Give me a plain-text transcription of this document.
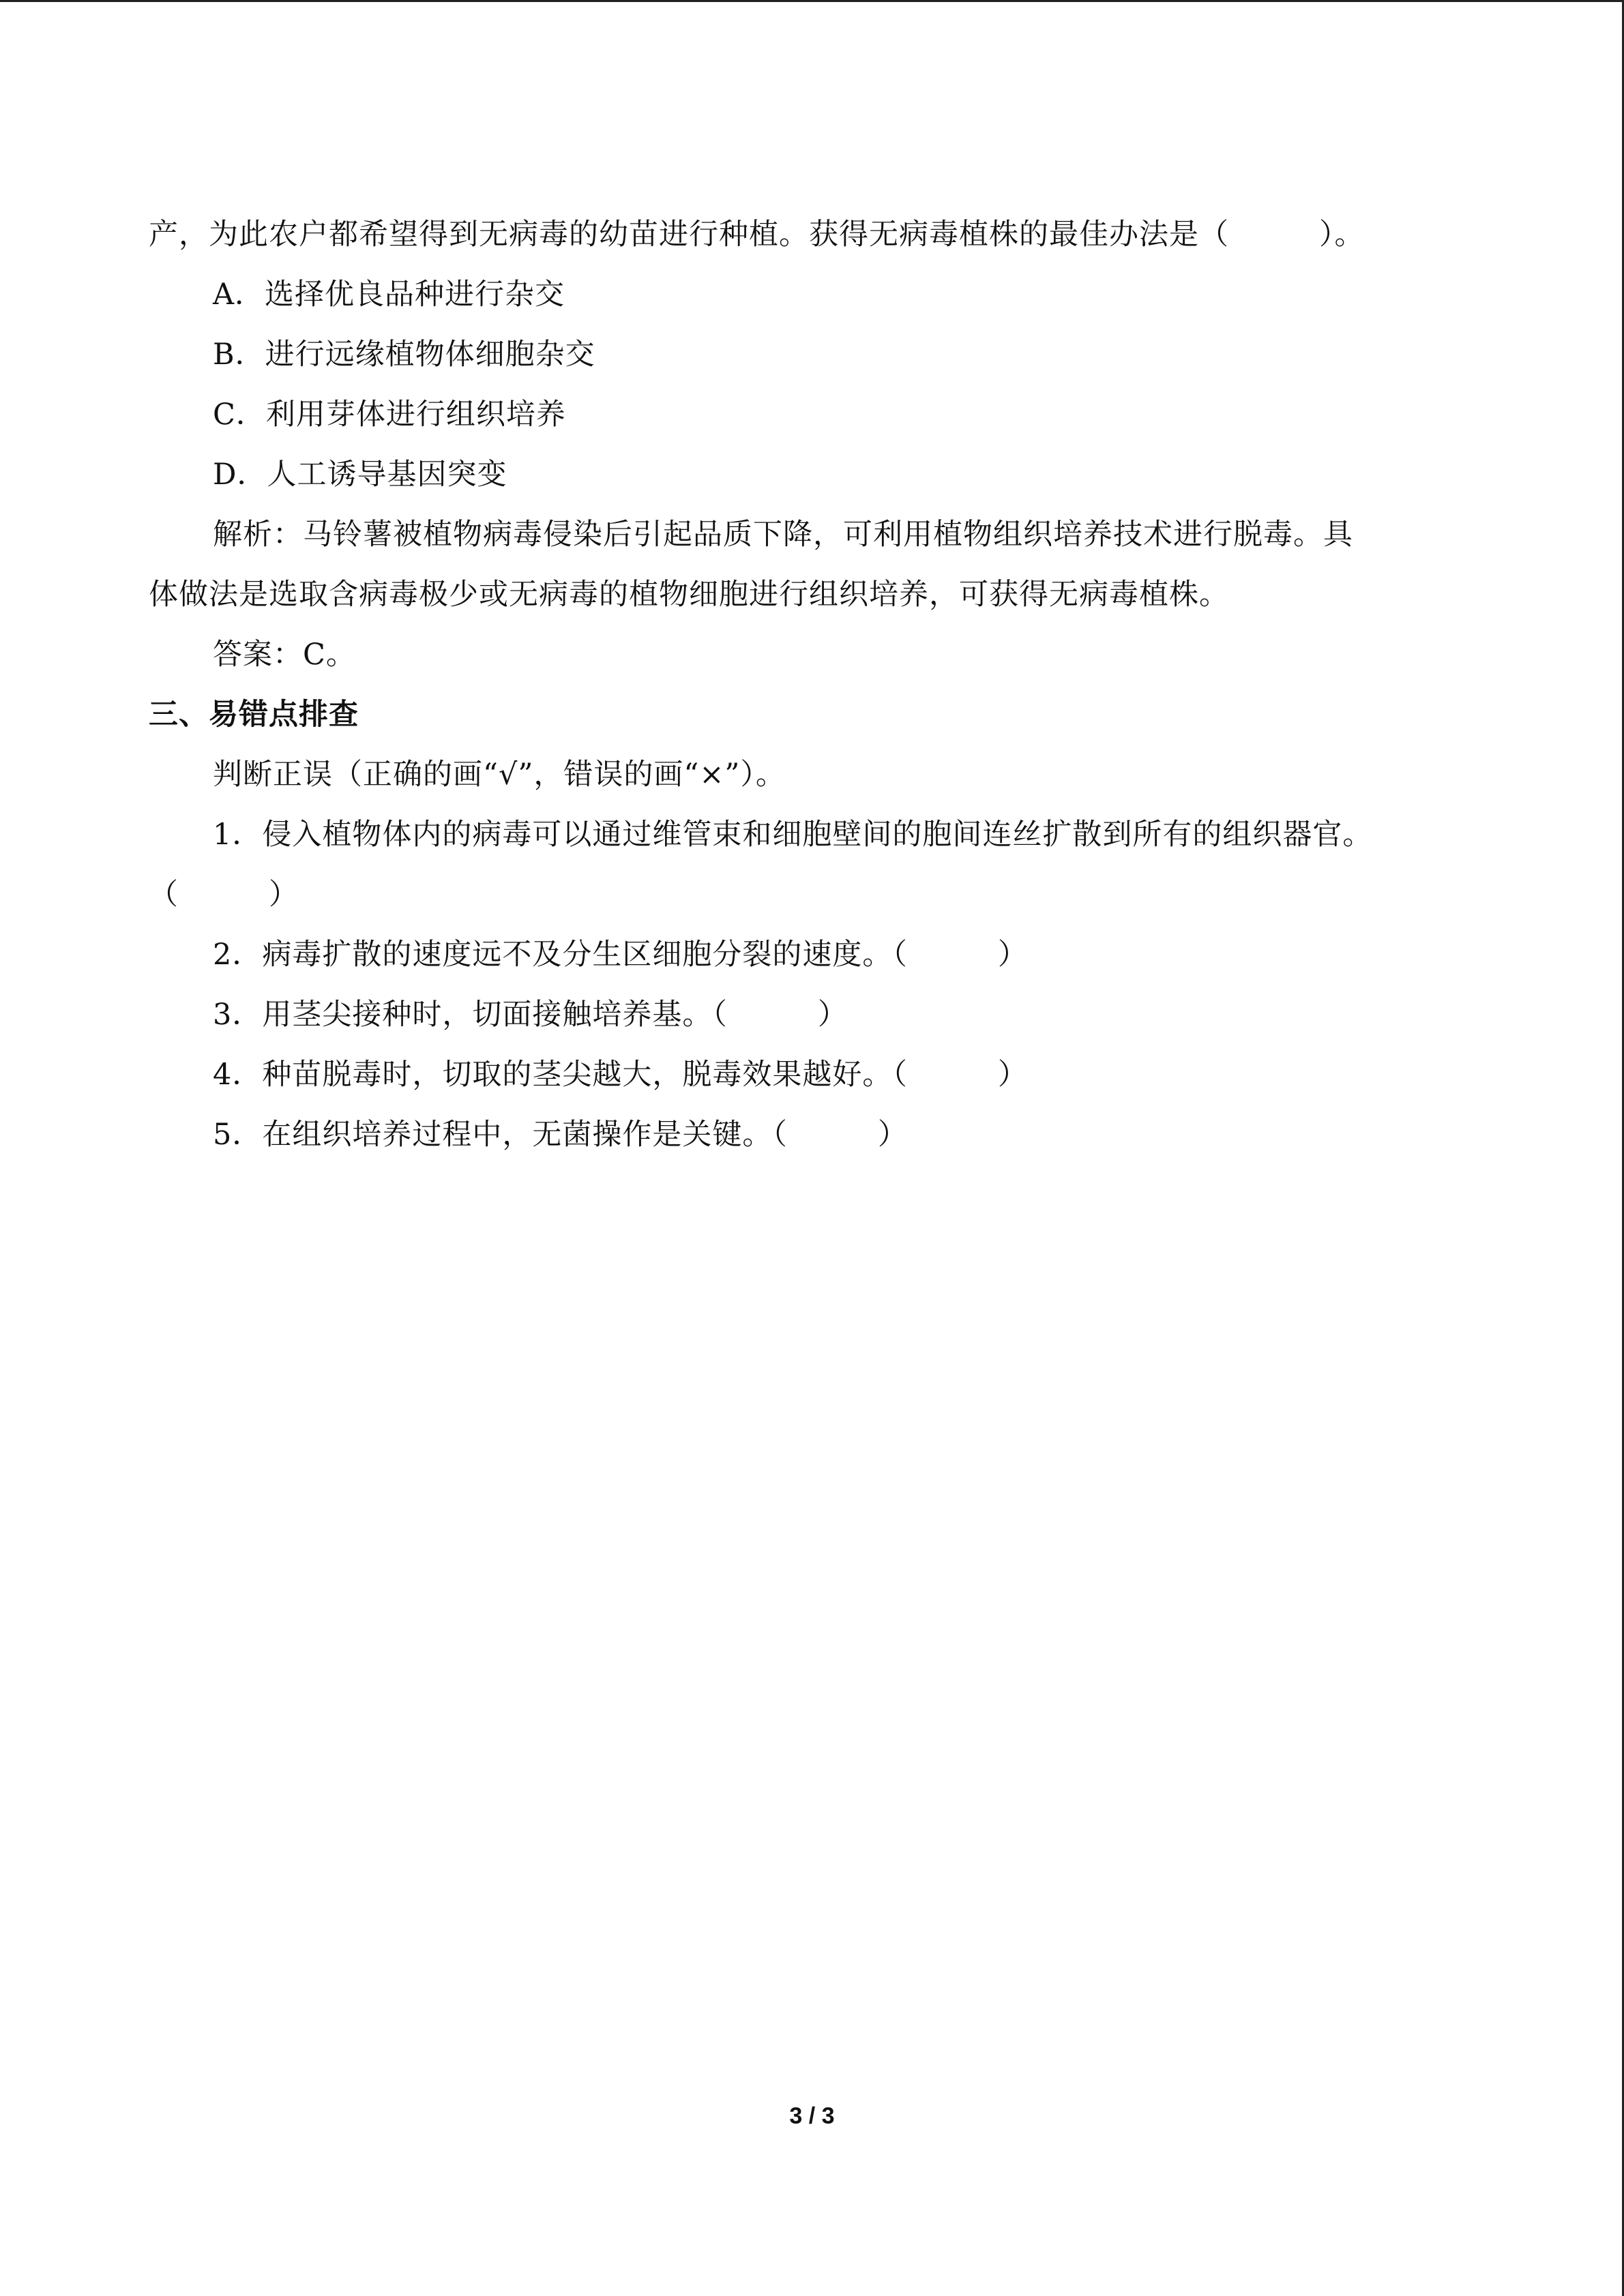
产，为此农户都希望得到无病毒的幼苗进行种植。获得无病毒植株的最佳办法是（　　　）。
A．选择优良品种进行杂交
B．进行远缘植物体细胞杂交
C．利用芽体进行组织培养
D．人工诱导基因突变
解析：马铃薯被植物病毒侵染后引起品质下降，可利用植物组织培养技术进行脱毒。具
体做法是选取含病毒极少或无病毒的植物细胞进行组织培养，可获得无病毒植株。
答案：C。
三、易错点排查
判断正误（正确的画“√”，错误的画“×”）。
1．侵入植物体内的病毒可以通过维管束和细胞壁间的胞间连丝扩散到所有的组织器官。
（　　　）
2．病毒扩散的速度远不及分生区细胞分裂的速度。（　　　）
3．用茎尖接种时，切面接触培养基。（　　　）
4．种苗脱毒时，切取的茎尖越大，脱毒效果越好。（　　　）
5．在组织培养过程中，无菌操作是关键。（　　　）
3 / 3
